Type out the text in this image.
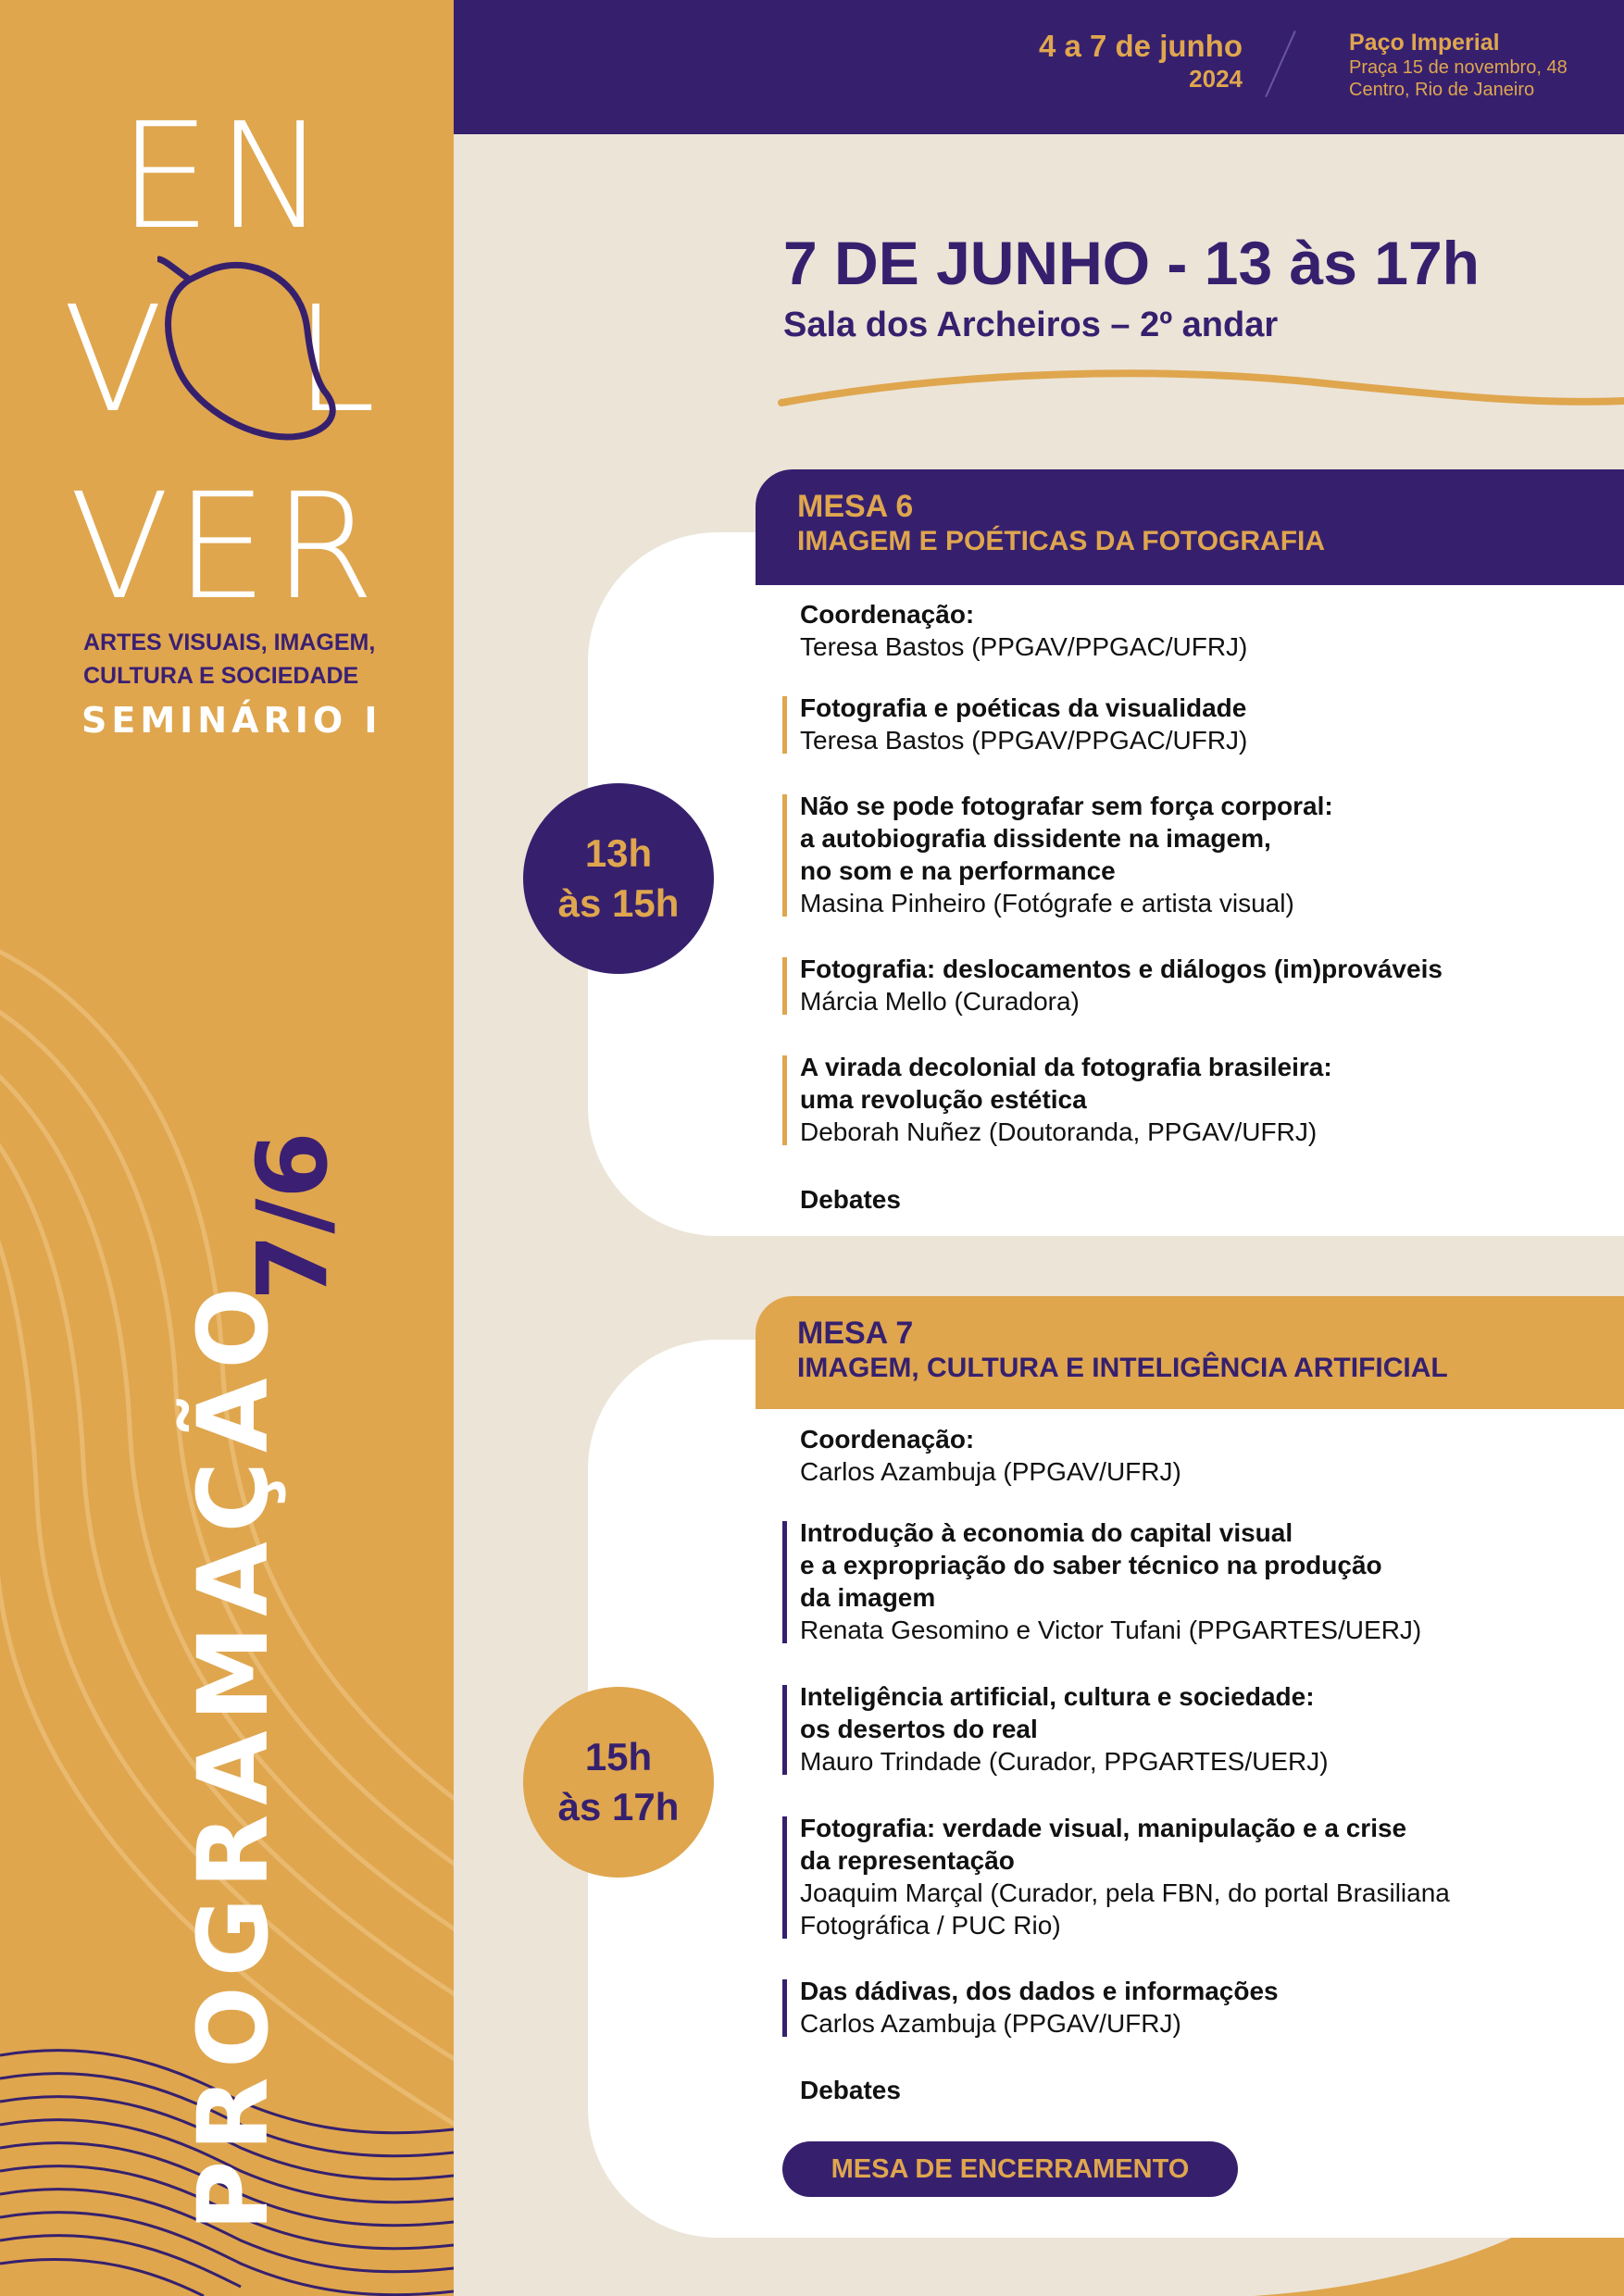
EN
V L
VER
ARTES VISUAIS, IMAGEM,
CULTURA E SOCIEDADE
SEMINÁRIO I
PROGRAMAÇÃO
7/6
4 a 7 de junho
2024
Paço Imperial
Praça 15 de novembro, 48
Centro, Rio de Janeiro
7 DE JUNHO - 13 às 17h
Sala dos Archeiros – 2º andar
MESA 6
IMAGEM E POÉTICAS DA FOTOGRAFIA
13h
às 15h
Coordenação:
Teresa Bastos (PPGAV/PPGAC/UFRJ)
Fotografia e poéticas da visualidade
Teresa Bastos (PPGAV/PPGAC/UFRJ)
Não se pode fotografar sem força corporal:
a autobiografia dissidente na imagem,
no som e na performance
Masina Pinheiro (Fotógrafe e artista visual)
Fotografia: deslocamentos e diálogos (im)prováveis
Márcia Mello (Curadora)
A virada decolonial da fotografia brasileira:
uma revolução estética
Deborah Nuñez (Doutoranda, PPGAV/UFRJ)
Debates
MESA 7
IMAGEM, CULTURA E INTELIGÊNCIA ARTIFICIAL
15h
às 17h
Coordenação:
Carlos Azambuja (PPGAV/UFRJ)
Introdução à economia do capital visual
e a expropriação do saber técnico na produção
da imagem
Renata Gesomino e Victor Tufani (PPGARTES/UERJ)
Inteligência artificial, cultura e sociedade:
os desertos do real
Mauro Trindade (Curador, PPGARTES/UERJ)
Fotografia: verdade visual, manipulação e a crise
da representação
Joaquim Marçal (Curador, pela FBN, do portal Brasiliana
Fotográfica / PUC Rio)
Das dádivas, dos dados e informações
Carlos Azambuja (PPGAV/UFRJ)
Debates
MESA DE ENCERRAMENTO
